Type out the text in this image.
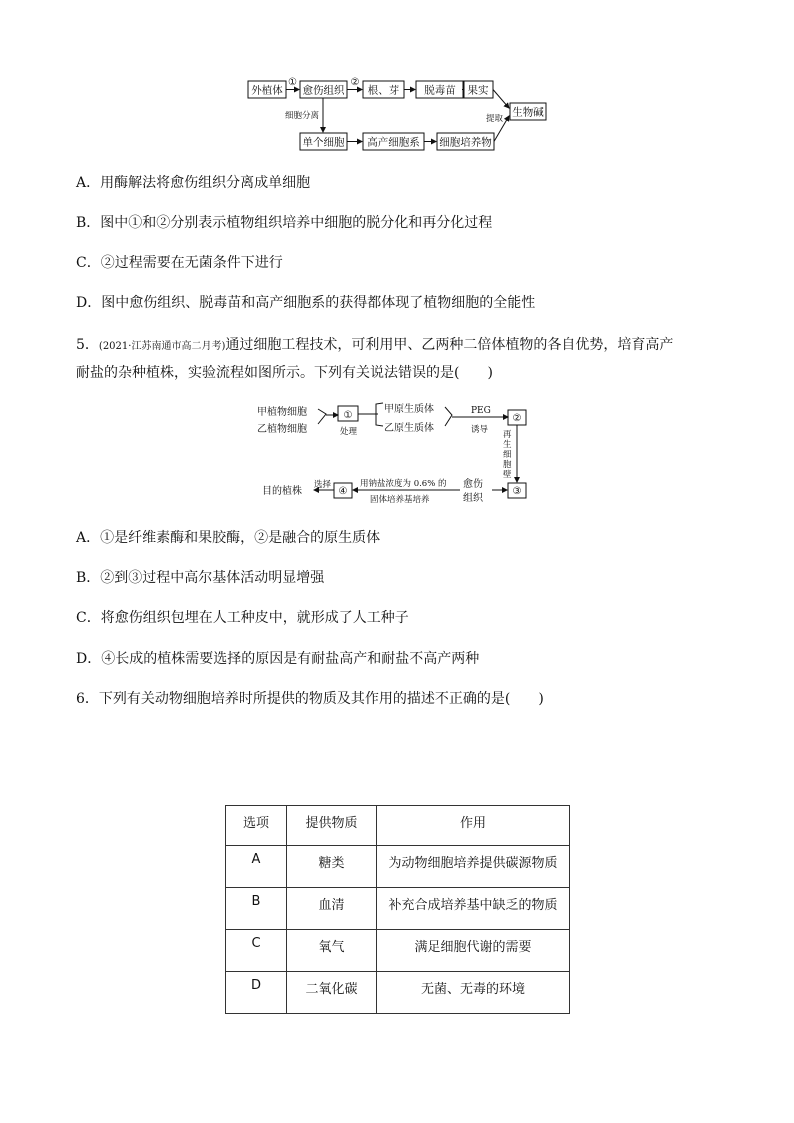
外植体 愈伤组织 根、芽 脱毒苗 果实
生物碱
单个细胞 高产细胞系 细胞培养物
①	②
细胞分离	提取
A．用酶解法将愈伤组织分离成单细胞
B．图中①和②分别表示植物组织培养中细胞的脱分化和再分化过程
C．②过程需要在无菌条件下进行
D．图中愈伤组织、脱毒苗和高产细胞系的获得都体现了植物细胞的全能性
5．(2021·江苏南通市高二月考)通过细胞工程技术，可利用甲、乙两种二倍体植物的各自优势，培育高产
耐盐的杂种植株，实验流程如图所示。下列有关说法错误的是(　　)
甲植物细胞
乙植物细胞
①
处理
甲原生质体
乙原生质体
PEG
诱导
②
再
生
细
胞
壁
③
愈伤
组织
用钠盐浓度为 0.6% 的
固体培养基培养
④
选择
目的植株
A．①是纤维素酶和果胶酶，②是融合的原生质体
B．②到③过程中高尔基体活动明显增强
C．将愈伤组织包埋在人工种皮中，就形成了人工种子
D．④长成的植株需要选择的原因是有耐盐高产和耐盐不高产两种
6．下列有关动物细胞培养时所提供的物质及其作用的描述不正确的是(　　)
选项	提供物质	作用
A	糖类	为动物细胞培养提供碳源物质
B	血清	补充合成培养基中缺乏的物质
C	氧气	满足细胞代谢的需要
D	二氧化碳	无菌、无毒的环境
